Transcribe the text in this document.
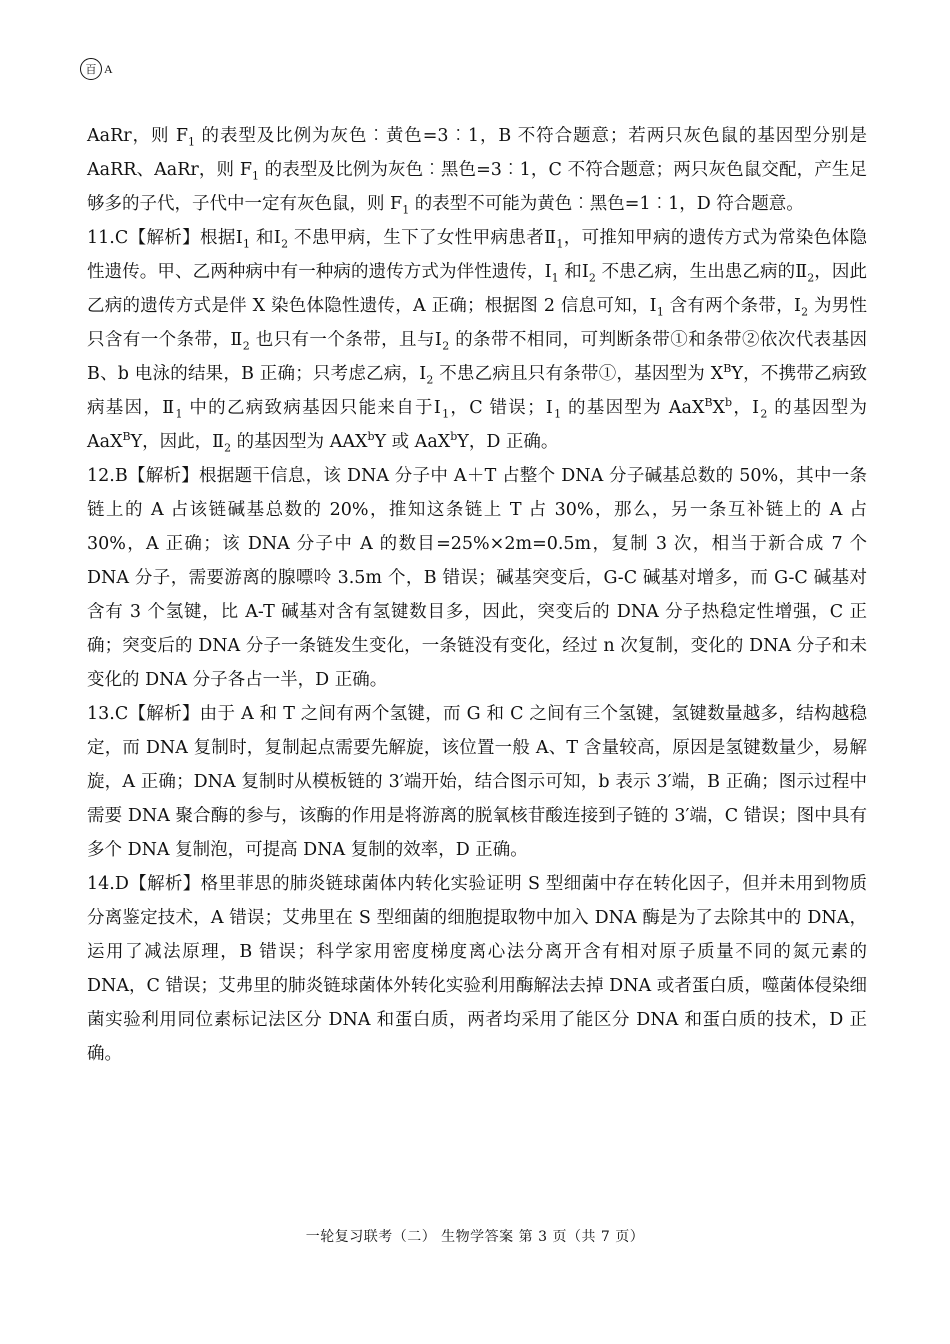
百 A

AaRr，则 $F_1$ 的表型及比例为灰色︰黄色=3︰1，B 不符合题意；若两只灰色鼠的基因型分别是AaRR、AaRr，则 $F_1$ 的表型及比例为灰色︰黑色=3︰1，C 不符合题意；两只灰色鼠交配，产生足够多的子代，子代中一定有灰色鼠，则 $F_1$ 的表型不可能为黄色︰黑色=1︰1，D 符合题意。

11.C【解析】根据$Ⅰ_1$ 和$Ⅰ_2$ 不患甲病，生下了女性甲病患者$Ⅱ_1$，可推知甲病的遗传方式为常染色体隐性遗传。甲、乙两种病中有一种病的遗传方式为伴性遗传，$Ⅰ_1$ 和$Ⅰ_2$ 不患乙病，生出患乙病的$Ⅱ_2$，因此乙病的遗传方式是伴 X 染色体隐性遗传，A 正确；根据图 2 信息可知，$Ⅰ_1$ 含有两个条带，$Ⅰ_2$ 为男性只含有一个条带，$Ⅱ_2$ 也只有一个条带，且与$Ⅰ_2$ 的条带不相同，可判断条带①和条带②依次代表基因 B、b 电泳的结果，B 正确；只考虑乙病，$Ⅰ_2$ 不患乙病且只有条带①，基因型为 $X^BY$，不携带乙病致病基因，$Ⅱ_1$ 中的乙病致病基因只能来自于$Ⅰ_1$，C 错误；$Ⅰ_1$ 的基因型为 $AaX^BX^b$，$Ⅰ_2$ 的基因型为 AaX$^B$Y，因此，$Ⅱ_2$ 的基因型为 AAX$^b$Y 或 AaX$^b$Y，D 正确。

12.B【解析】根据题干信息，该 DNA 分子中 A＋T 占整个 DNA 分子碱基总数的 50%，其中一条链上的 A 占该链碱基总数的 20%，推知这条链上 T 占 30%，那么，另一条互补链上的 A 占 30%，A 正确；该 DNA 分子中 A 的数目=25%×2m=0.5m，复制 3 次，相当于新合成 7 个 DNA 分子，需要游离的腺嘌呤 3.5m 个，B 错误；碱基突变后，G-C 碱基对增多，而 G-C 碱基对含有 3 个氢键，比 A-T 碱基对含有氢键数目多，因此，突变后的 DNA 分子热稳定性增强，C 正确；突变后的 DNA 分子一条链发生变化，一条链没有变化，经过 n 次复制，变化的 DNA 分子和未变化的 DNA 分子各占一半，D 正确。

13.C【解析】由于 A 和 T 之间有两个氢键，而 G 和 C 之间有三个氢键，氢键数量越多，结构越稳定，而 DNA 复制时，复制起点需要先解旋，该位置一般 A、T 含量较高，原因是氢键数量少，易解旋，A 正确；DNA 复制时从模板链的 3′端开始，结合图示可知，b 表示 3′端，B 正确；图示过程中需要 DNA 聚合酶的参与，该酶的作用是将游离的脱氧核苷酸连接到子链的 3′端，C 错误；图中具有多个 DNA 复制泡，可提高 DNA 复制的效率，D 正确。

14.D【解析】格里菲思的肺炎链球菌体内转化实验证明 S 型细菌中存在转化因子，但并未用到物质分离鉴定技术，A 错误；艾弗里在 S 型细菌的细胞提取物中加入 DNA 酶是为了去除其中的 DNA，运用了减法原理，B 错误；科学家用密度梯度离心法分离开含有相对原子质量不同的氮元素的 DNA，C 错误；艾弗里的肺炎链球菌体外转化实验利用酶解法去掉 DNA 或者蛋白质，噬菌体侵染细菌实验利用同位素标记法区分 DNA 和蛋白质，两者均采用了能区分 DNA 和蛋白质的技术，D 正确。

一轮复习联考（二） 生物学答案 第 3 页（共 7 页）
